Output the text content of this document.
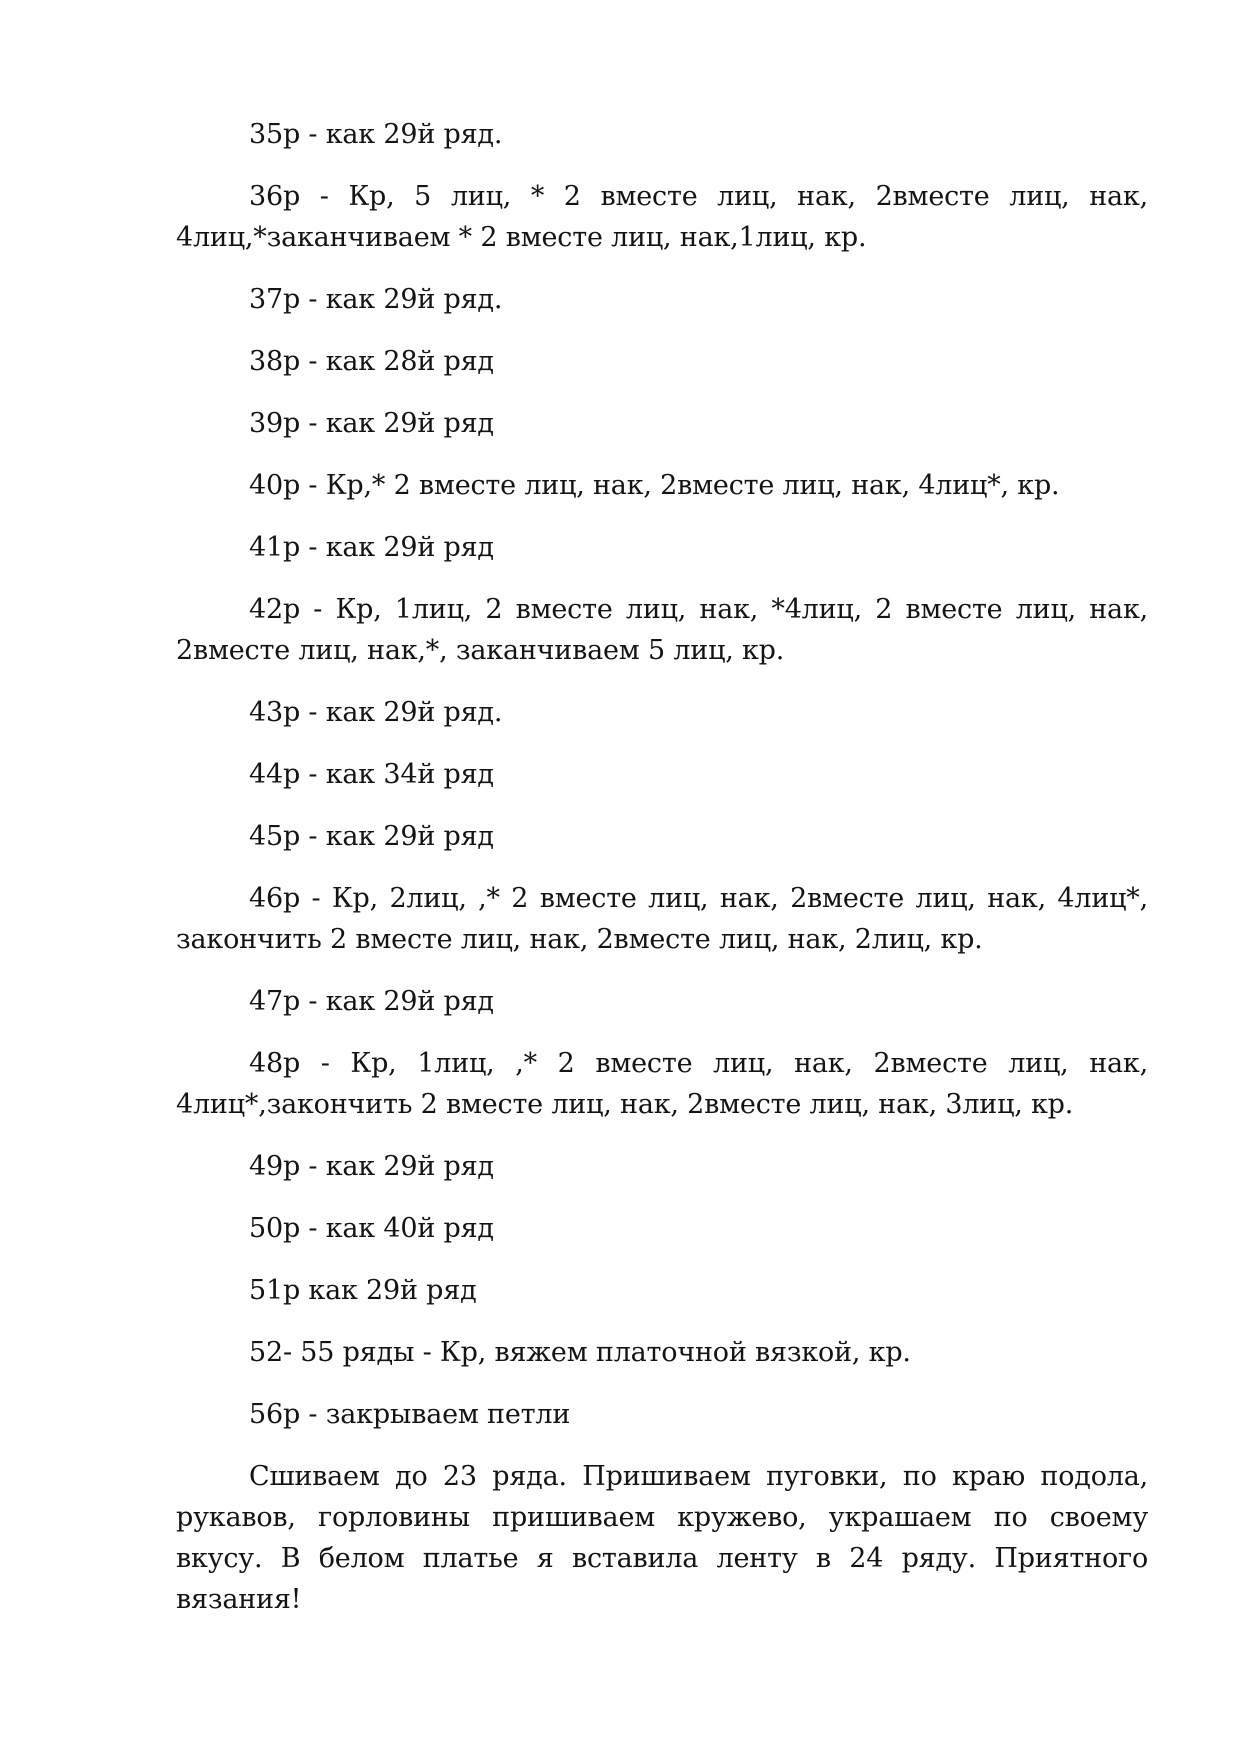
35р - как 29й ряд.

36р - Кр, 5 лиц, * 2 вместе лиц, нак, 2вместе лиц, нак, 4лиц,*заканчиваем * 2 вместе лиц, нак,1лиц, кр.

37р - как 29й ряд.

38р - как 28й ряд

39р - как 29й ряд

40р - Кр,* 2 вместе лиц, нак, 2вместе лиц, нак, 4лиц*, кр.

41р - как 29й ряд

42р - Кр, 1лиц, 2 вместе лиц, нак, *4лиц, 2 вместе лиц, нак, 2вместе лиц, нак,*, заканчиваем 5 лиц, кр.

43р - как 29й ряд.

44р - как 34й ряд

45р - как 29й ряд

46р - Кр, 2лиц, ,* 2 вместе лиц, нак, 2вместе лиц, нак, 4лиц*, закончить 2 вместе лиц, нак, 2вместе лиц, нак, 2лиц, кр.

47р - как 29й ряд

48р - Кр, 1лиц, ,* 2 вместе лиц, нак, 2вместе лиц, нак, 4лиц*,закончить 2 вместе лиц, нак, 2вместе лиц, нак, 3лиц, кр.

49р - как 29й ряд

50р - как 40й ряд

51р как 29й ряд

52- 55 ряды - Кр, вяжем платочной вязкой, кр.

56р - закрываем петли

Сшиваем до 23 ряда. Пришиваем пуговки, по краю подола, рукавов, горловины пришиваем кружево, украшаем по своему вкусу. В белом платье я вставила ленту в 24 ряду. Приятного вязания!
